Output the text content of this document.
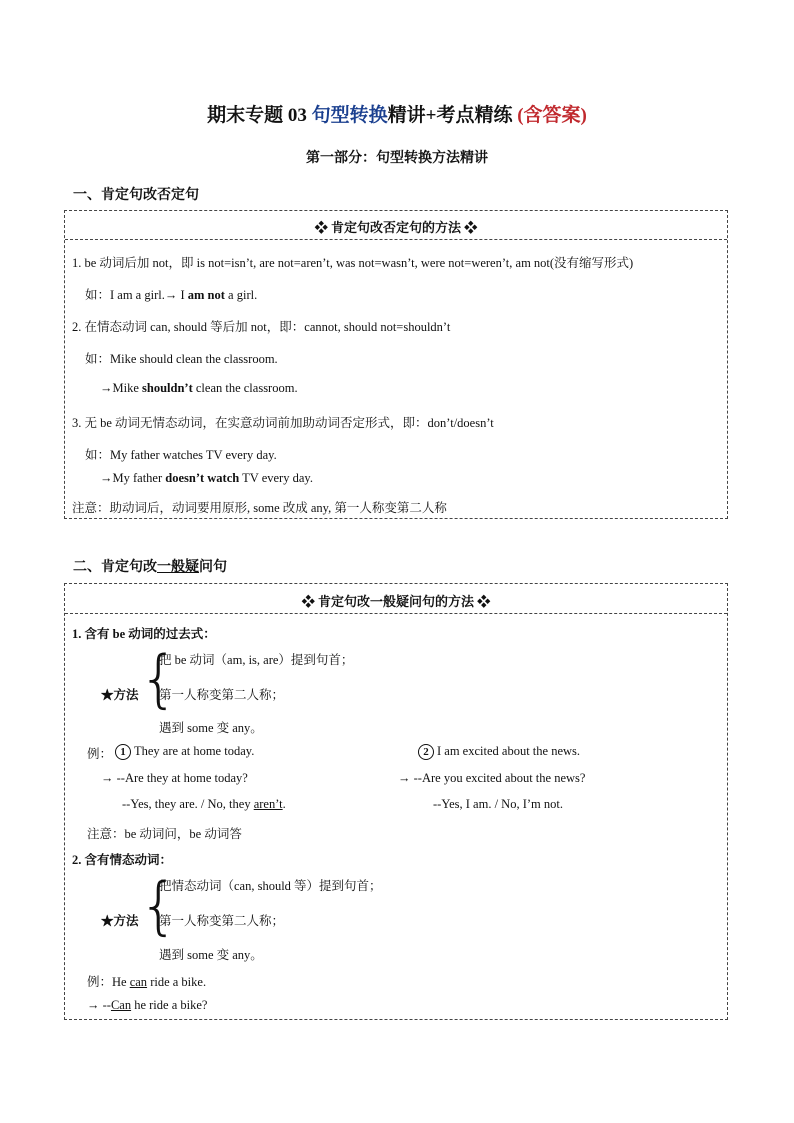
期末专题 03 句型转换精讲+考点精练 (含答案)
第一部分：句型转换方法精讲
一、肯定句改否定句
❖ 肯定句改否定句的方法 ❖
1. be 动词后加 not，即 is not=isn’t, are not=aren’t, was not=wasn’t, were not=weren’t, am not(没有缩写形式)
如：I am a girl.→ I am not a girl.
2. 在情态动词 can, should 等后加 not，即：cannot, should not=shouldn’t
如：Mike should clean the classroom.
→Mike shouldn’t clean the classroom.
3. 无 be 动词无情态动词，在实意动词前加助动词否定形式，即：don’t/doesn’t
如：My father watches TV every day.
→My father doesn’t watch TV every day.
注意：助动词后，动词要用原形, some 改成 any, 第一人称变第二人称
二、肯定句改一般疑问句
❖ 肯定句改一般疑问句的方法 ❖
1. 含有 be 动词的过去式：
★方法 {
把 be 动词（am, is, are）提到句首；
第一人称变第二人称；
遇到 some 变 any。
例： 1 They are at home today.
→ --Are they at home today?
--Yes, they are. / No, they aren’t.
2 I am excited about the news.
→ --Are you excited about the news?
--Yes, I am. / No, I’m not.
注意：be 动词问，be 动词答
2. 含有情态动词：
★方法 {
把情态动词（can, should 等）提到句首；
第一人称变第二人称；
遇到 some 变 any。
例：He can ride a bike.
→ --Can he ride a bike?
